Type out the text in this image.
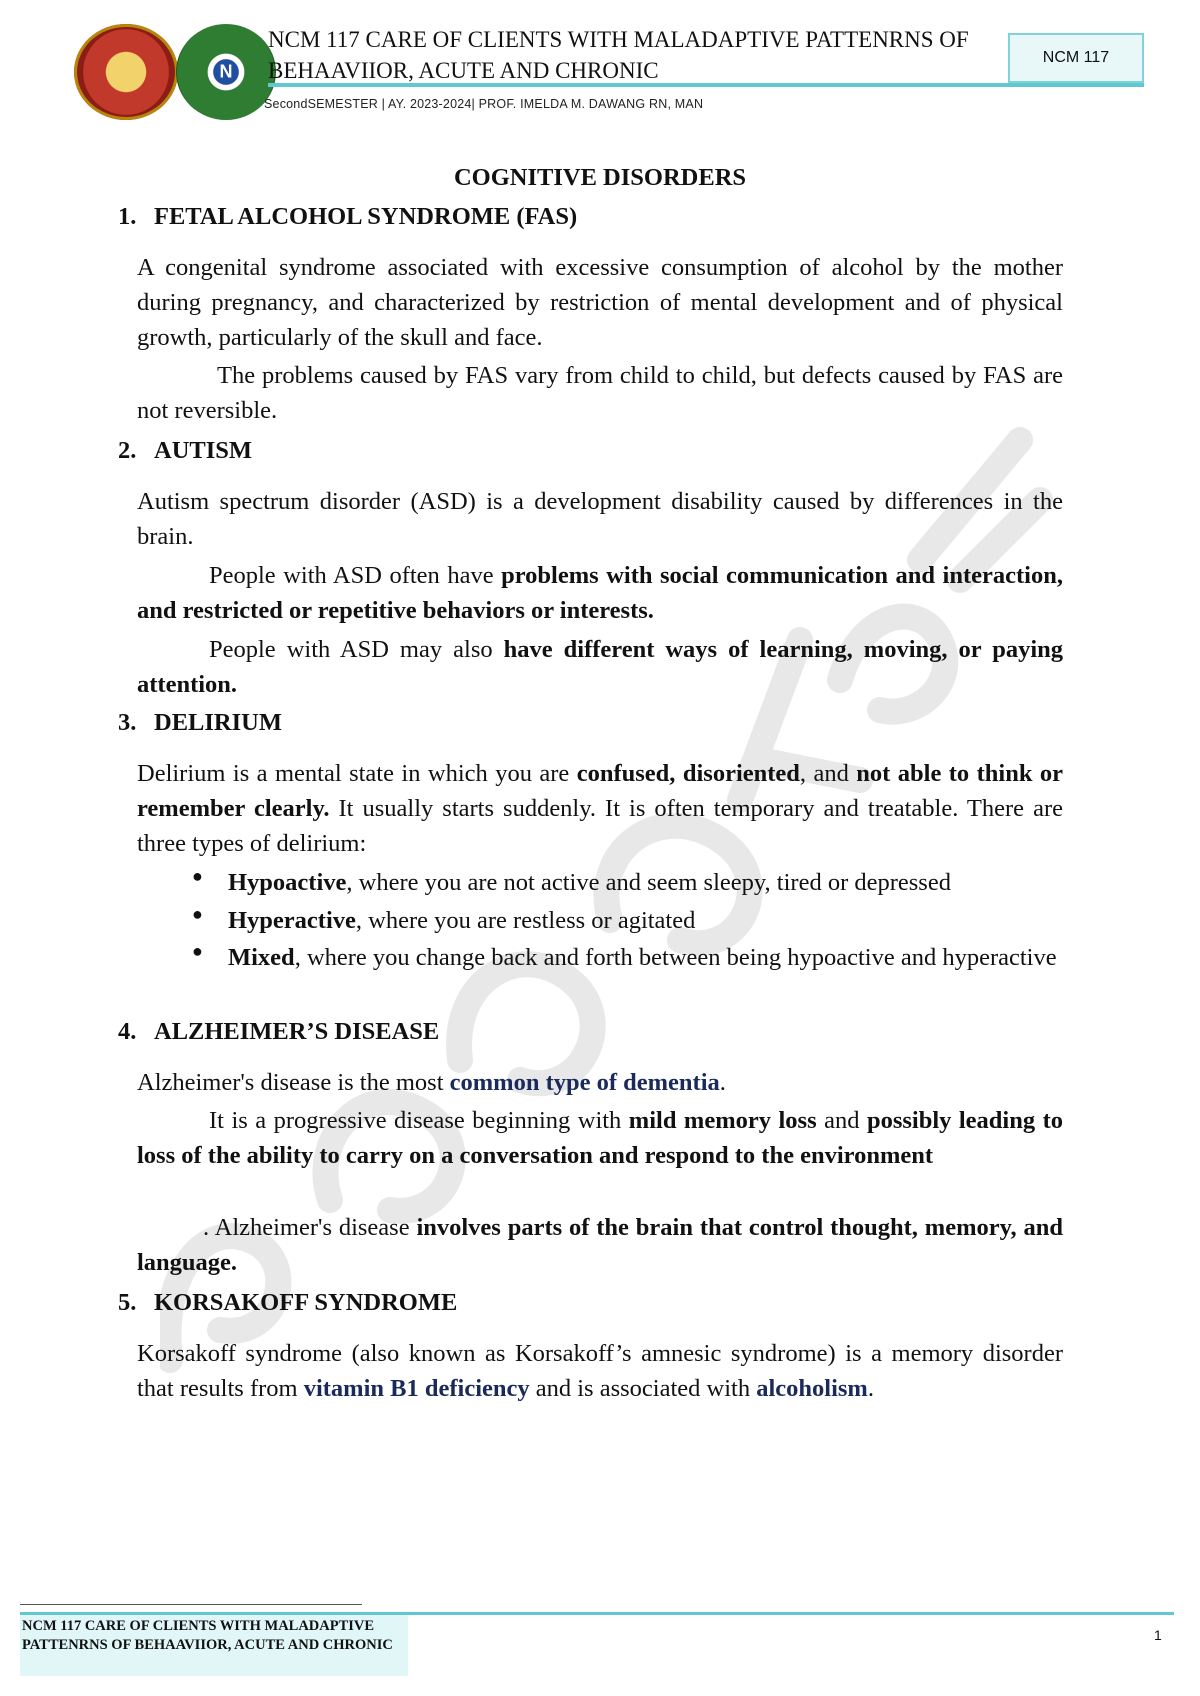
N
NCM 117 CARE OF CLIENTS WITH MALADAPTIVE PATTENRNS OF BEHAAVIIOR, ACUTE AND CHRONIC
NCM 117
SecondSEMESTER | AY. 2023-2024| PROF. IMELDA M. DAWANG RN, MAN
COGNITIVE DISORDERS
1. FETAL ALCOHOL SYNDROME (FAS)
A congenital syndrome associated with excessive consumption of alcohol by the mother during pregnancy, and characterized by restriction of mental development and of physical growth, particularly of the skull and face.
The problems caused by FAS vary from child to child, but defects caused by FAS are not reversible.
2. AUTISM
Autism spectrum disorder (ASD) is a development disability caused by differences in the brain.
People with ASD often have problems with social communication and interaction, and restricted or repetitive behaviors or interests.
People with ASD may also have different ways of learning, moving, or paying attention.
3. DELIRIUM
Delirium is a mental state in which you are confused, disoriented, and not able to think or remember clearly. It usually starts suddenly. It is often temporary and treatable. There are three types of delirium:
● Hypoactive, where you are not active and seem sleepy, tired or depressed
● Hyperactive, where you are restless or agitated
● Mixed, where you change back and forth between being hypoactive and hyperactive
4. ALZHEIMER’S DISEASE
Alzheimer's disease is the most common type of dementia.
It is a progressive disease beginning with mild memory loss and possibly leading to loss of the ability to carry on a conversation and respond to the environment
. Alzheimer's disease involves parts of the brain that control thought, memory, and language.
5. KORSAKOFF SYNDROME
Korsakoff syndrome (also known as Korsakoff’s amnesic syndrome) is a memory disorder that results from vitamin B1 deficiency and is associated with alcoholism.
NCM 117 CARE OF CLIENTS WITH MALADAPTIVE PATTENRNS OF BEHAAVIIOR, ACUTE AND CHRONIC
1
